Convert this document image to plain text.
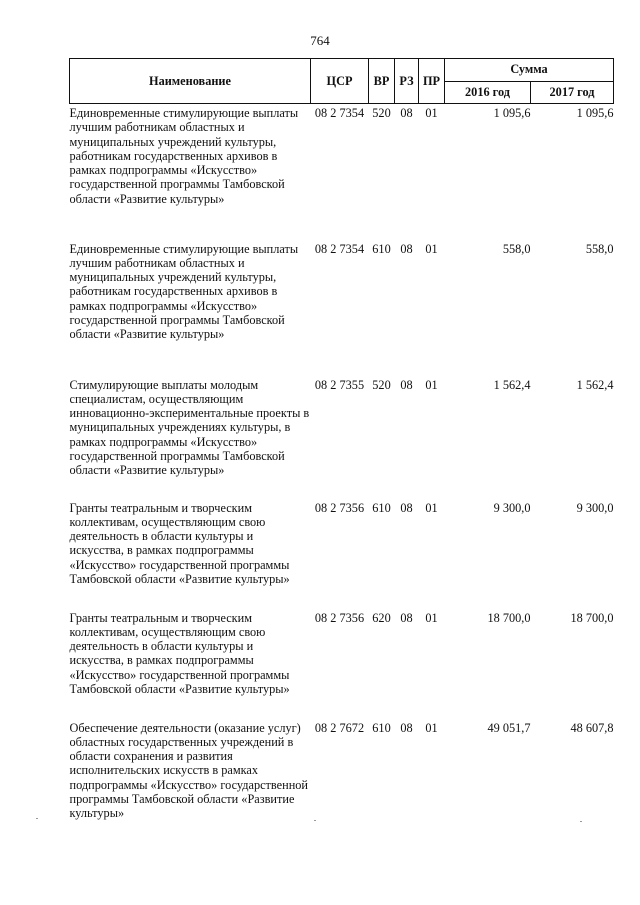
764
Наименование	ЦСР	ВР	РЗ	ПР	Сумма	
					2016 год	2017 год
Единовременные стимулирующие выплаты лучшим работникам областных и муниципальных учреждений культуры, работникам государственных архивов в рамках подпрограммы «Искусство» государственной программы Тамбовской области «Развитие культуры»	08 2 7354	520	08	01	1 095,6	1 095,6
Единовременные стимулирующие выплаты лучшим работникам областных и муниципальных учреждений культуры, работникам государственных архивов в рамках подпрограммы «Искусство» государственной программы Тамбовской области «Развитие культуры»	08 2 7354	610	08	01	558,0	558,0
Стимулирующие выплаты молодым специалистам, осуществляющим инновационно-экспериментальные проекты в муниципальных учреждениях культуры, в рамках подпрограммы «Искусство» государственной программы Тамбовской области «Развитие культуры»	08 2 7355	520	08	01	1 562,4	1 562,4
Гранты театральным и творческим коллективам, осуществляющим свою деятельность в области культуры и искусства, в рамках подпрограммы «Искусство» государственной программы Тамбовской области «Развитие культуры»	08 2 7356	610	08	01	9 300,0	9 300,0
Гранты театральным и творческим коллективам, осуществляющим свою деятельность в области культуры и искусства, в рамках подпрограммы «Искусство» государственной программы Тамбовской области «Развитие культуры»	08 2 7356	620	08	01	18 700,0	18 700,0
Обеспечение деятельности (оказание услуг) областных государственных учреждений в области сохранения и развития исполнительских искусств в рамках подпрограммы «Искусство» государственной программы Тамбовской области «Развитие культуры»	08 2 7672	610	08	01	49 051,7	48 607,8
